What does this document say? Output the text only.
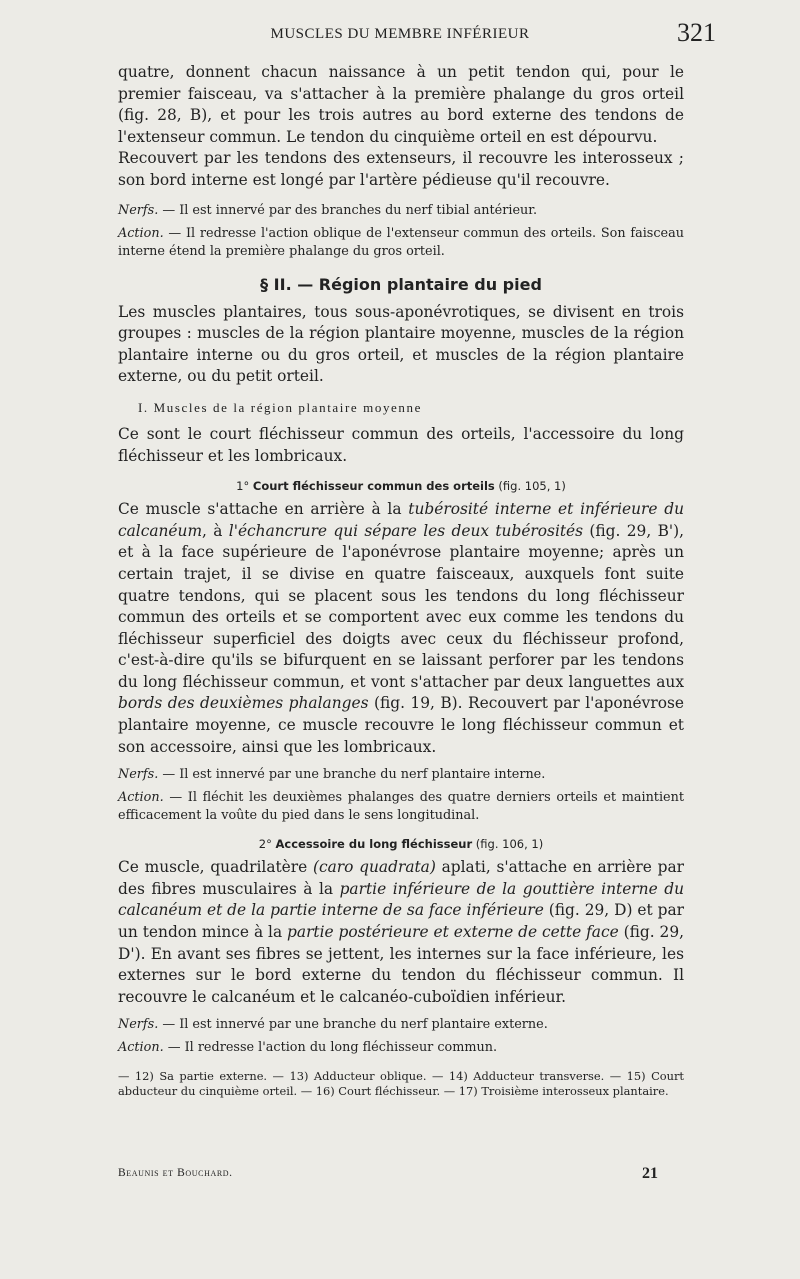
MUSCLES DU MEMBRE INFÉRIEUR	321

quatre, donnent chacun naissance à un petit tendon qui, pour le premier faisceau, va s'attacher à la première phalange du gros orteil (fig. 28, B), et pour les trois autres au bord externe des tendons de l'extenseur commun. Le tendon du cinquième orteil en est dépourvu.

Recouvert par les tendons des extenseurs, il recouvre les interosseux ; son bord interne est longé par l'artère pédieuse qu'il recouvre.

Nerfs. — Il est innervé par des branches du nerf tibial antérieur.

Action. — Il redresse l'action oblique de l'extenseur commun des orteils. Son faisceau interne étend la première phalange du gros orteil.

§ II. — Région plantaire du pied

Les muscles plantaires, tous sous-aponévrotiques, se divisent en trois groupes : muscles de la région plantaire moyenne, muscles de la région plantaire interne ou du gros orteil, et muscles de la région plantaire externe, ou du petit orteil.

I. Muscles de la région plantaire moyenne

Ce sont le court fléchisseur commun des orteils, l'accessoire du long fléchisseur et les lombricaux.

1° Court fléchisseur commun des orteils (fig. 105, 1)

Ce muscle s'attache en arrière à la tubérosité interne et inférieure du calcanéum, à l'échancrure qui sépare les deux tubérosités (fig. 29, B'), et à la face supérieure de l'aponévrose plantaire moyenne; après un certain trajet, il se divise en quatre faisceaux, auxquels font suite quatre tendons, qui se placent sous les tendons du long fléchisseur commun des orteils et se comportent avec eux comme les tendons du fléchisseur superficiel des doigts avec ceux du fléchisseur profond, c'est-à-dire qu'ils se bifurquent en se laissant perforer par les tendons du long fléchisseur commun, et vont s'attacher par deux languettes aux bords des deuxièmes phalanges (fig. 19, B). Recouvert par l'aponévrose plantaire moyenne, ce muscle recouvre le long fléchisseur commun et son accessoire, ainsi que les lombricaux.

Nerfs. — Il est innervé par une branche du nerf plantaire interne.

Action. — Il fléchit les deuxièmes phalanges des quatre derniers orteils et maintient efficacement la voûte du pied dans le sens longitudinal.

2° Accessoire du long fléchisseur (fig. 106, 1)

Ce muscle, quadrilatère (caro quadrata) aplati, s'attache en arrière par des fibres musculaires à la partie inférieure de la gouttière interne du calcanéum et de la partie interne de sa face inférieure (fig. 29, D) et par un tendon mince à la partie postérieure et externe de cette face (fig. 29, D'). En avant ses fibres se jettent, les internes sur la face inférieure, les externes sur le bord externe du tendon du fléchisseur commun. Il recouvre le calcanéum et le calcanéo-cuboïdien inférieur.

Nerfs. — Il est innervé par une branche du nerf plantaire externe.

Action. — Il redresse l'action du long fléchisseur commun.

— 12) Sa partie externe. — 13) Adducteur oblique. — 14) Adducteur transverse. — 15) Court abducteur du cinquième orteil. — 16) Court fléchisseur. — 17) Troisième interosseux plantaire.

Beaunis et Bouchard.	21
